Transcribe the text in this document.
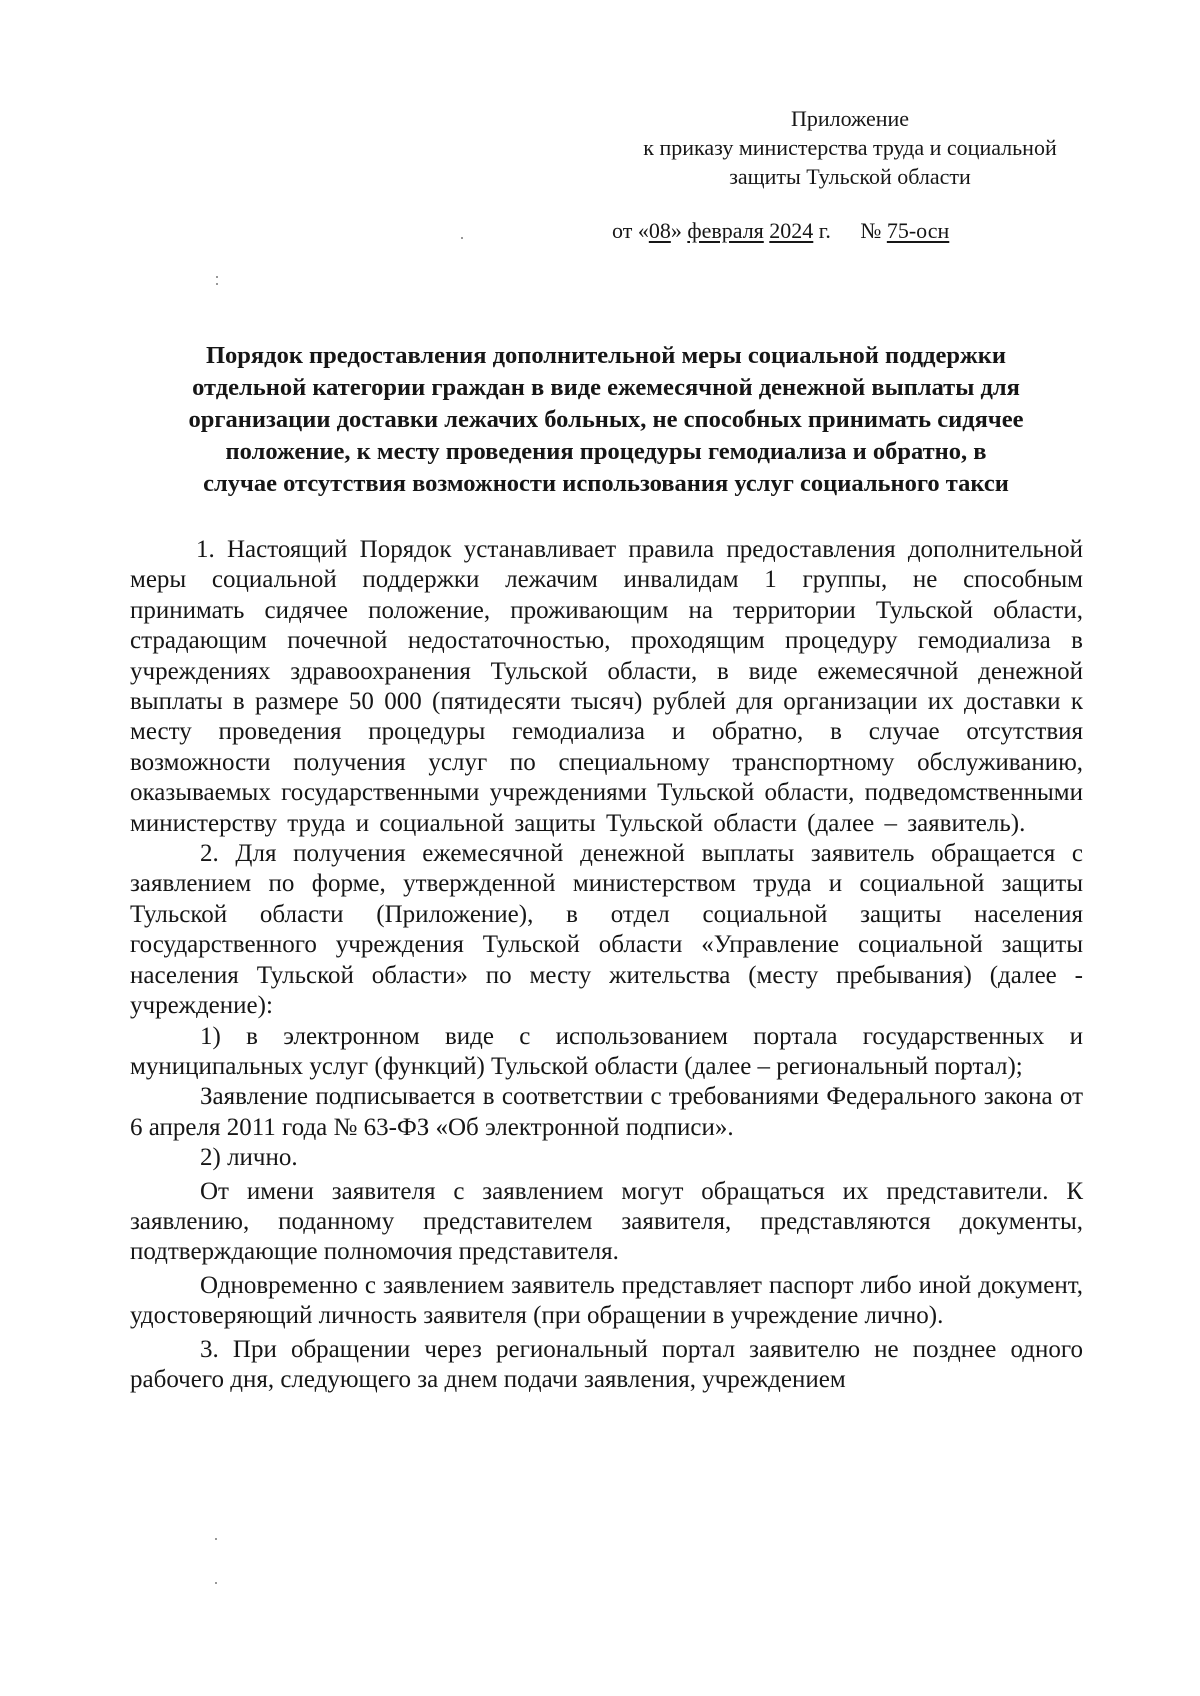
Приложение
к приказу министерства труда и социальной
защиты Тульской области
от «08» февраля 2024 г. № 75-осн
Порядок предоставления дополнительной меры социальной поддержки
отдельной категории граждан в виде ежемесячной денежной выплаты для
организации доставки лежачих больных, не способных принимать сидячее
положение, к месту проведения процедуры гемодиализа и обратно, в
случае отсутствия возможности использования услуг социального такси

1. Настоящий Порядок устанавливает правила предоставления дополнительной меры социальной поддержки лежачим инвалидам 1 группы, не способным принимать сидячее положение, проживающим на территории Тульской области, страдающим почечной недостаточностью, проходящим процедуру гемодиализа в учреждениях здравоохранения Тульской области, в виде ежемесячной денежной выплаты в размере 50 000 (пятидесяти тысяч) рублей для организации их доставки к месту проведения процедуры гемодиализа и обратно, в случае отсутствия возможности получения услуг по специальному транспортному обслуживанию, оказываемых государственными учреждениями Тульской области, подведомственными министерству труда и социальной защиты Тульской области (далее – заявитель).

2. Для получения ежемесячной денежной выплаты заявитель обращается с заявлением по форме, утвержденной министерством труда и социальной защиты Тульской области (Приложение), в отдел социальной защиты населения государственного учреждения Тульской области «Управление социальной защиты населения Тульской области» по месту жительства (месту пребывания) (далее - учреждение):

1) в электронном виде с использованием портала государственных и муниципальных услуг (функций) Тульской области (далее – региональный портал);

Заявление подписывается в соответствии с требованиями Федерального закона от 6 апреля 2011 года № 63-ФЗ «Об электронной подписи».

2) лично.

От имени заявителя с заявлением могут обращаться их представители. К заявлению, поданному представителем заявителя, представляются документы, подтверждающие полномочия представителя.

Одновременно с заявлением заявитель представляет паспорт либо иной документ, удостоверяющий личность заявителя (при обращении в учреждение лично).

3. При обращении через региональный портал заявителю не позднее одного рабочего дня, следующего за днем подачи заявления, учреждением
